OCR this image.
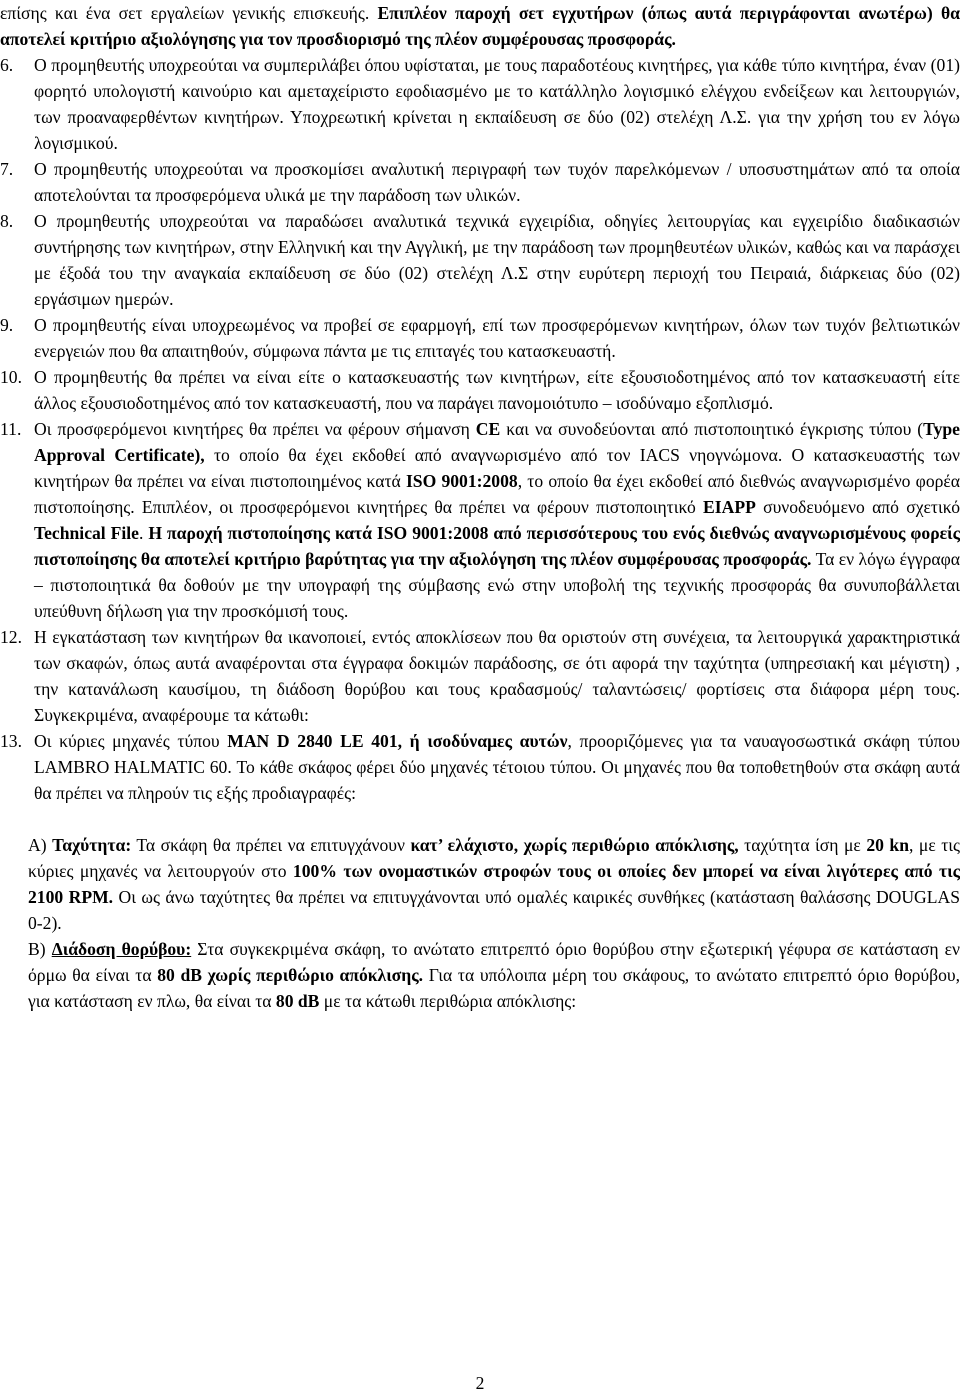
επίσης και ένα σετ εργαλείων γενικής επισκευής. Επιπλέον παροχή σετ εγχυτήρων (όπως αυτά περιγράφονται ανωτέρω) θα αποτελεί κριτήριο αξιολόγησης για τον προσδιορισμό της πλέον συμφέρουσας προσφοράς.

6.	Ο προμηθευτής υποχρεούται να συμπεριλάβει όπου υφίσταται, με τους παραδοτέους κινητήρες, για κάθε τύπο κινητήρα, έναν (01) φορητό υπολογιστή καινούριο και αμεταχείριστο εφοδιασμένο με το κατάλληλο λογισμικό ελέγχου ενδείξεων και λειτουργιών, των προαναφερθέντων κινητήρων. Υποχρεωτική κρίνεται η εκπαίδευση σε δύο (02) στελέχη Λ.Σ. για την χρήση του εν λόγω λογισμικού.

7.	Ο προμηθευτής υποχρεούται να προσκομίσει αναλυτική περιγραφή των τυχόν παρελκόμενων / υποσυστημάτων από τα οποία αποτελούνται τα προσφερόμενα υλικά με την παράδοση των υλικών.

8.	Ο προμηθευτής υποχρεούται να παραδώσει αναλυτικά τεχνικά εγχειρίδια, οδηγίες λειτουργίας και εγχειρίδιο διαδικασιών συντήρησης των κινητήρων, στην Ελληνική και την Αγγλική, με την παράδοση των προμηθευτέων υλικών, καθώς και να παράσχει με έξοδά του την αναγκαία εκπαίδευση σε δύο (02) στελέχη Λ.Σ στην ευρύτερη περιοχή του Πειραιά, διάρκειας δύο (02) εργάσιμων ημερών.

9.	Ο προμηθευτής είναι υποχρεωμένος να προβεί σε εφαρμογή, επί των προσφερόμενων κινητήρων, όλων των τυχόν βελτιωτικών ενεργειών που θα απαιτηθούν, σύμφωνα πάντα με τις επιταγές του κατασκευαστή.

10. Ο προμηθευτής θα πρέπει να είναι είτε ο κατασκευαστής των κινητήρων, είτε εξουσιοδοτημένος από τον κατασκευαστή είτε άλλος εξουσιοδοτημένος από τον κατασκευαστή, που να παράγει πανομοιότυπο – ισοδύναμο εξοπλισμό.

11. Οι προσφερόμενοι κινητήρες θα πρέπει να φέρουν σήμανση CE και να συνοδεύονται από πιστοποιητικό έγκρισης τύπου (Type Approval Certificate), το οποίο θα έχει εκδοθεί από αναγνωρισμένο από τον IACS νηογνώμονα. Ο κατασκευαστής των κινητήρων θα πρέπει να είναι πιστοποιημένος κατά ISO 9001:2008, το οποίο θα έχει εκδοθεί από διεθνώς αναγνωρισμένο φορέα πιστοποίησης. Επιπλέον, οι προσφερόμενοι κινητήρες θα πρέπει να φέρουν πιστοποιητικό EIAPP συνοδευόμενο από σχετικό Technical File. Η παροχή πιστοποίησης κατά ISO 9001:2008 από περισσότερους του ενός διεθνώς αναγνωρισμένους φορείς πιστοποίησης θα αποτελεί κριτήριο βαρύτητας για την αξιολόγηση της πλέον συμφέρουσας προσφοράς. Τα εν λόγω έγγραφα – πιστοποιητικά θα δοθούν με την υπογραφή της σύμβασης ενώ στην υποβολή της τεχνικής προσφοράς θα συνυποβάλλεται υπεύθυνη δήλωση για την προσκόμισή τους.

12. Η εγκατάσταση των κινητήρων θα ικανοποιεί, εντός αποκλίσεων που θα οριστούν στη συνέχεια, τα λειτουργικά χαρακτηριστικά των σκαφών, όπως αυτά αναφέρονται στα έγγραφα δοκιμών παράδοσης, σε ότι αφορά την ταχύτητα (υπηρεσιακή και μέγιστη) , την κατανάλωση καυσίμου, τη διάδοση θορύβου και τους κραδασμούς/ ταλαντώσεις/ φορτίσεις στα διάφορα μέρη τους. Συγκεκριμένα, αναφέρουμε τα κάτωθι:

13. Οι κύριες μηχανές τύπου MAN D 2840 LE 401, ή ισοδύναμες αυτών, προοριζόμενες για τα ναυαγοσωστικά σκάφη τύπου LAMBRO HALMATIC 60. Το κάθε σκάφος φέρει δύο μηχανές τέτοιου τύπου. Οι μηχανές που θα τοποθετηθούν στα σκάφη αυτά θα πρέπει να πληρούν τις εξής προδιαγραφές:

Α) Ταχύτητα: Τα σκάφη θα πρέπει να επιτυγχάνουν κατ’ ελάχιστο, χωρίς περιθώριο απόκλισης, ταχύτητα ίση με 20 kn, με τις κύριες μηχανές να λειτουργούν στο 100% των ονομαστικών στροφών τους οι οποίες δεν μπορεί να είναι λιγότερες από τις 2100 RPM. Οι ως άνω ταχύτητες θα πρέπει να επιτυγχάνονται υπό ομαλές καιρικές συνθήκες (κατάσταση θαλάσσης DOUGLAS 0-2).

Β) Διάδοση θορύβου: Στα συγκεκριμένα σκάφη, το ανώτατο επιτρεπτό όριο θορύβου στην εξωτερική γέφυρα σε κατάσταση εν όρμω θα είναι τα 80 dB χωρίς περιθώριο απόκλισης. Για τα υπόλοιπα μέρη του σκάφους, το ανώτατο επιτρεπτό όριο θορύβου, για κατάσταση εν πλω, θα είναι τα 80 dB με τα κάτωθι περιθώρια απόκλισης:

2
